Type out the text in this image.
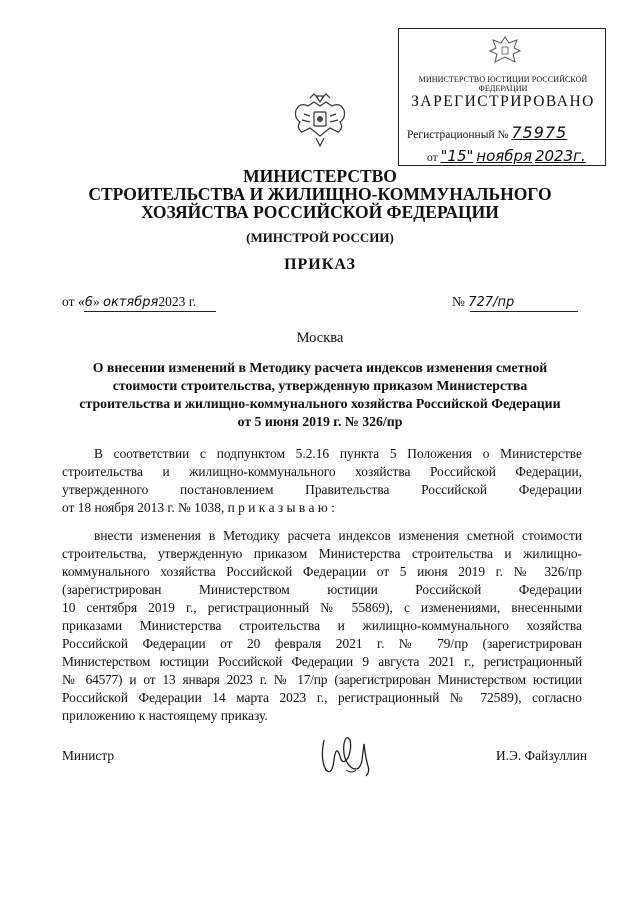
МИНИСТЕРСТВО ЮСТИЦИИ РОССИЙСКОЙ ФЕДЕРАЦИИ
ЗАРЕГИСТРИРОВАНО
Регистрационный № 75975
от "15" ноября 2023г.
МИНИСТЕРСТВО
СТРОИТЕЛЬСТВА И ЖИЛИЩНО-КОММУНАЛЬНОГО
ХОЗЯЙСТВА РОССИЙСКОЙ ФЕДЕРАЦИИ
(МИНСТРОЙ РОССИИ)
ПРИКАЗ
от «6» октября2023 г.	№ 727/пр
Москва
О внесении изменений в Методику расчета индексов изменения сметной
стоимости строительства, утвержденную приказом Министерства
строительства и жилищно-коммунального хозяйства Российской Федерации
от 5 июня 2019 г. № 326/пр
В соответствии с подпунктом 5.2.16 пункта 5 Положения о Министерстве
строительства и жилищно-коммунального хозяйства Российской Федерации,
утвержденного постановлением Правительства Российской Федерации
от 18 ноября 2013 г. № 1038, п р и к а з ы в а ю :
внести изменения в Методику расчета индексов изменения сметной стоимости
строительства, утвержденную приказом Министерства строительства и жилищно-
коммунального хозяйства Российской Федерации от 5 июня 2019 г. № 326/пр
(зарегистрирован Министерством юстиции Российской Федерации
10 сентября 2019 г., регистрационный № 55869), с изменениями, внесенными
приказами Министерства строительства и жилищно-коммунального хозяйства
Российской Федерации от 20 февраля 2021 г. № 79/пр (зарегистрирован
Министерством юстиции Российской Федерации 9 августа 2021 г., регистрационный
№ 64577) и от 13 января 2023 г. № 17/пр (зарегистрирован Министерством юстиции
Российской Федерации 14 марта 2023 г., регистрационный № 72589), согласно
приложению к настоящему приказу.
Министр	И.Э. Файзуллин
